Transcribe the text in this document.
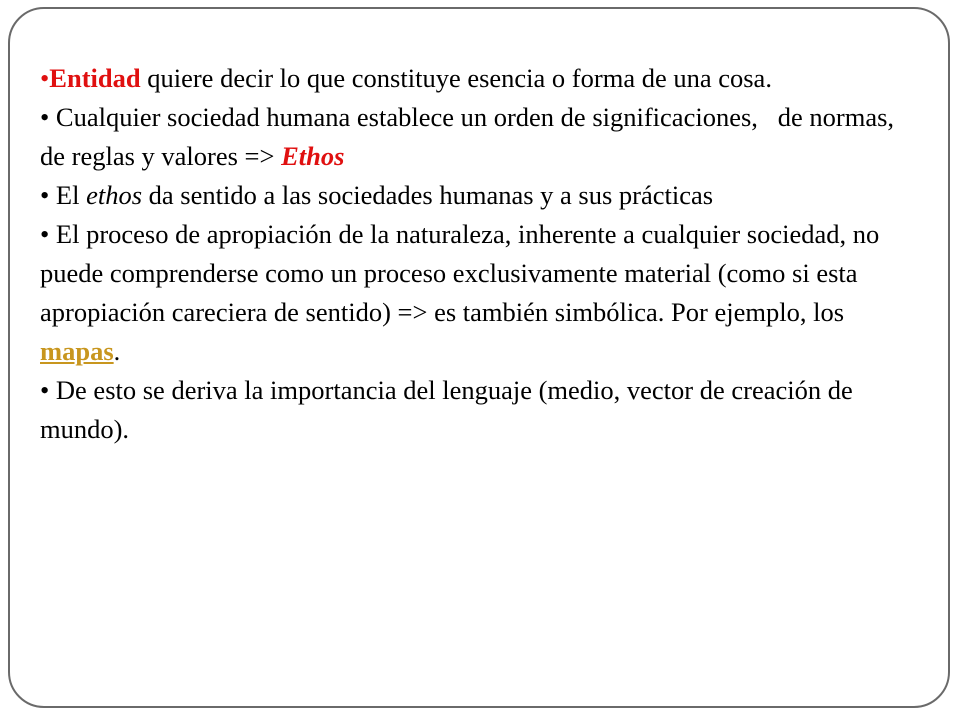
•Entidad quiere decir lo que constituye esencia o forma de una cosa.

• Cualquier sociedad humana establece un orden de significaciones,   de normas, de reglas y valores => Ethos

• El ethos da sentido a las sociedades humanas y a sus prácticas

• El proceso de apropiación de la naturaleza, inherente a cualquier sociedad, no puede comprenderse como un proceso exclusivamente material (como si esta apropiación careciera de sentido) => es también simbólica. Por ejemplo, los mapas.

• De esto se deriva la importancia del lenguaje (medio, vector de creación de mundo).
